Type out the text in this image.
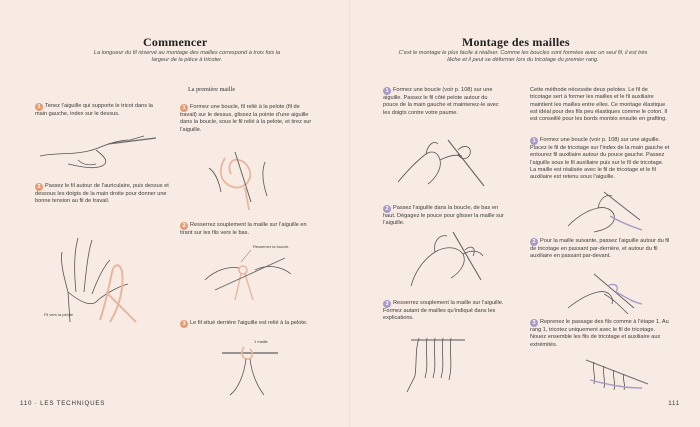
Commencer
La longueur du fil réservé au montage des mailles correspond à trois fois la largeur de la pièce à tricoter.
1 Tenez l’aiguille qui supporte le tricot dans la main gauche, index sur le dessus.
2 Passez le fil autour de l’auriculaire, puis dessus et dessous les doigts de la main droite pour donner une bonne tension au fil de travail.
Fil vers la pelote
La première maille
1 Formez une boucle, fil relié à la pelote (fil de travail) sur le dessus, glissez la pointe d’une aiguille dans la boucle, sous le fil relié à la pelote, et tirez sur l’aiguille.
2 Resserrez souplement la maille sur l’aiguille en tirant sur les fils vers le bas.
Resserrez la boucle.
3 Le fil situé derrière l’aiguille est relié à la pelote.
1 maille
110 · LES TECHNIQUES
Montage des mailles
C’est le montage le plus facile à réaliser. Comme les boucles sont formées avec un seul fil, il est très lâche et il peut se déformer lors du tricotage du premier rang.
1 Formez une boucle (voir p. 108) sur une aiguille. Passez le fil côté pelote autour du pouce de la main gauche et maintenez-le avec les doigts contre votre paume.
2 Passez l’aiguille dans la boucle, de bas en haut. Dégagez le pouce pour glisser la maille sur l’aiguille.
3 Resserrez souplement la maille sur l’aiguille. Formez autant de mailles qu’indiqué dans les explications.
Cette méthode nécessite deux pelotes. Le fil de tricotage sert à former les mailles et le fil auxiliaire maintient les mailles entre elles. Ce montage élastique est idéal pour des fils peu élastiques comme le coton. Il est conseillé pour les bords montés ensuite en grafting.
1 Formez une boucle (voir p. 108) sur une aiguille. Placez le fil de tricotage sur l’index de la main gauche et entourez fil auxiliaire autour du pouce gauche. Passez l’aiguille sous le fil auxiliaire puis sur le fil de tricotage. La maille est réalisée avec le fil de tricotage et le fil auxiliaire est retenu sous l’aiguille.
2 Pour la maille suivante, passez l’aiguille autour du fil de tricotage en passant par-derrière, et autour du fil auxiliaire en passant par-devant.
3 Reprenez le passage des fils comme à l’étape 1. Au rang 1, tricotez uniquement avec le fil de tricotage. Nouez ensemble les fils de tricotage et auxiliaire aux extrémités.
111
